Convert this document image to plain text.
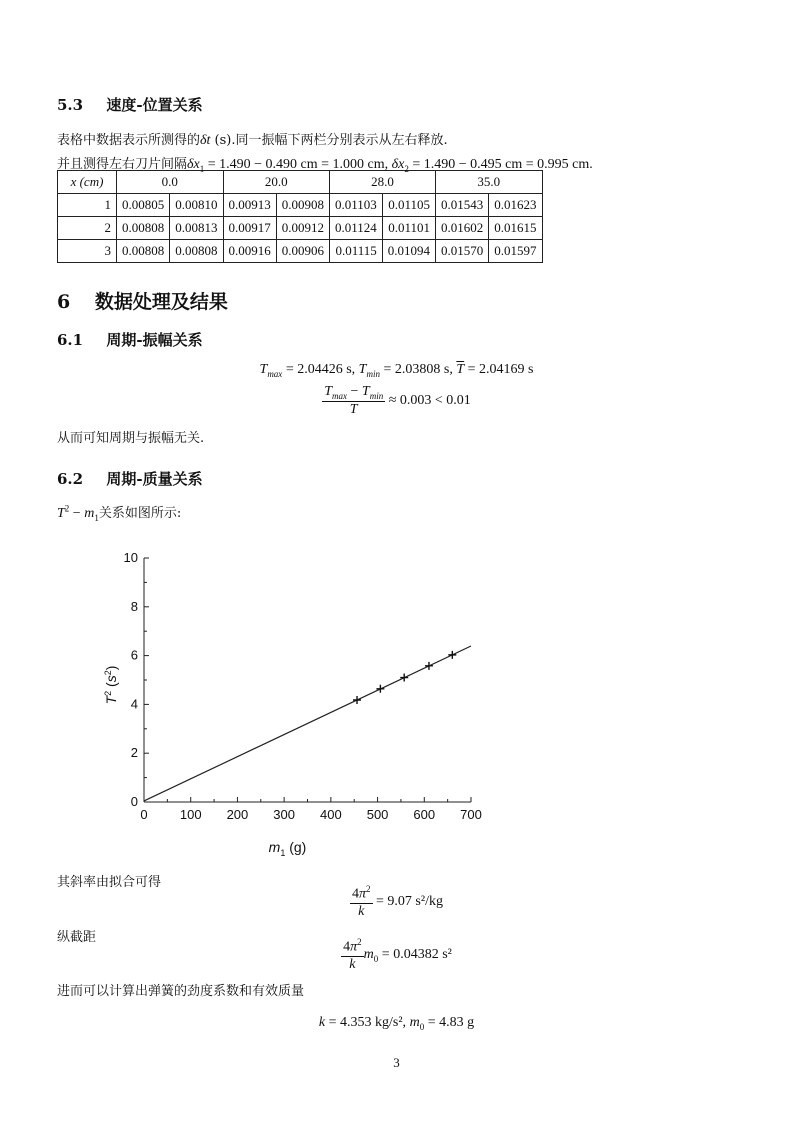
5.3 速度-位置关系
表格中数据表示所测得的δt (s).同一振幅下两栏分别表示从左右释放.
并且测得左右刀片间隔$\delta x_1 = 1.490 - 0.490$ cm = 1.000 cm, $\delta x_2 = 1.490 - 0.495$ cm = 0.995 cm.
x (cm)	0.0		20.0		28.0		35.0	
1	0.00805	0.00810	0.00913	0.00908	0.01103	0.01105	0.01543	0.01623
2	0.00808	0.00813	0.00917	0.00912	0.01124	0.01101	0.01602	0.01615
3	0.00808	0.00808	0.00916	0.00906	0.01115	0.01094	0.01570	0.01597
6 数据处理及结果
6.1 周期-振幅关系
$T_{max} = 2.04426$ s, $T_{min} = 2.03808$ s, $\overline{T} = 2.04169$ s
$\frac{T_{max} - T_{min}}{T} \approx 0.003 < 0.01$
从而可知周期与振幅无关.
6.2 周期-质量关系
$T^2 - m_1$关系如图所示:
0 100 200 300 400 500 600 700
0
2
4
6
8
10
$m_1$ (g)
$T^2$ $(s^2)$
其斜率由拟合可得
$\frac{4\pi^2}{k} = 9.07$ s²/kg
纵截距	$\frac{4\pi^2}{k} m_0 = 0.04382$ s²
进而可以计算出弹簧的劲度系数和有效质量
k = 4.353 kg/s², $m_0 = 4.83$ g
3
